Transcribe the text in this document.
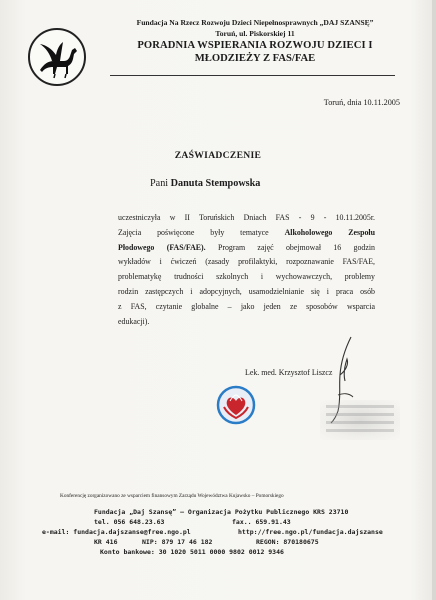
Fundacja Na Rzecz Rozwoju Dzieci Niepełnosprawnych „DAJ SZANSĘ”
Toruń, ul. Piskorskiej 11
PORADNIA WSPIERANIA ROZWOJU DZIECI I
MŁODZIEŻY Z FAS/FAE
Toruń, dnia 10.11.2005
ZAŚWIADCZENIE
Pani Danuta Stempowska
uczestniczyła w II Toruńskich Dniach FAS - 9 - 10.11.2005r.
Zajęcia poświęcone były tematyce Alkoholowego Zespołu
Płodowego (FAS/FAE). Program zajęć obejmował 16 godzin
wykładów i ćwiczeń (zasady profilaktyki, rozpoznawanie FAS/FAE,
problematykę trudności szkolnych i wychowawczych, problemy
rodzin zastępczych i adopcyjnych, usamodzielnianie się i praca osób
z FAS, czytanie globalne – jako jeden ze sposobów wsparcia
edukacji).
Lek. med. Krzysztof Liszcz
Konferencję zorganizowano ze wsparciem finansowym Zarządu Województwa Kujawsko – Pomorskiego
Fundacja „Daj Szansę” – Organizacja Pożytku Publicznego KRS 23710
tel. 056 648.23.63	fax.. 659.91.43
e-mail: fundacja.dajszanse@free.ngo.pl	http://free.ngo.pl/fundacja.dajszanse
KR 416	NIP: 879 17 46 182	REGON: 870180675
Konto bankowe: 30 1020 5011 0000 9802 0012 9346
